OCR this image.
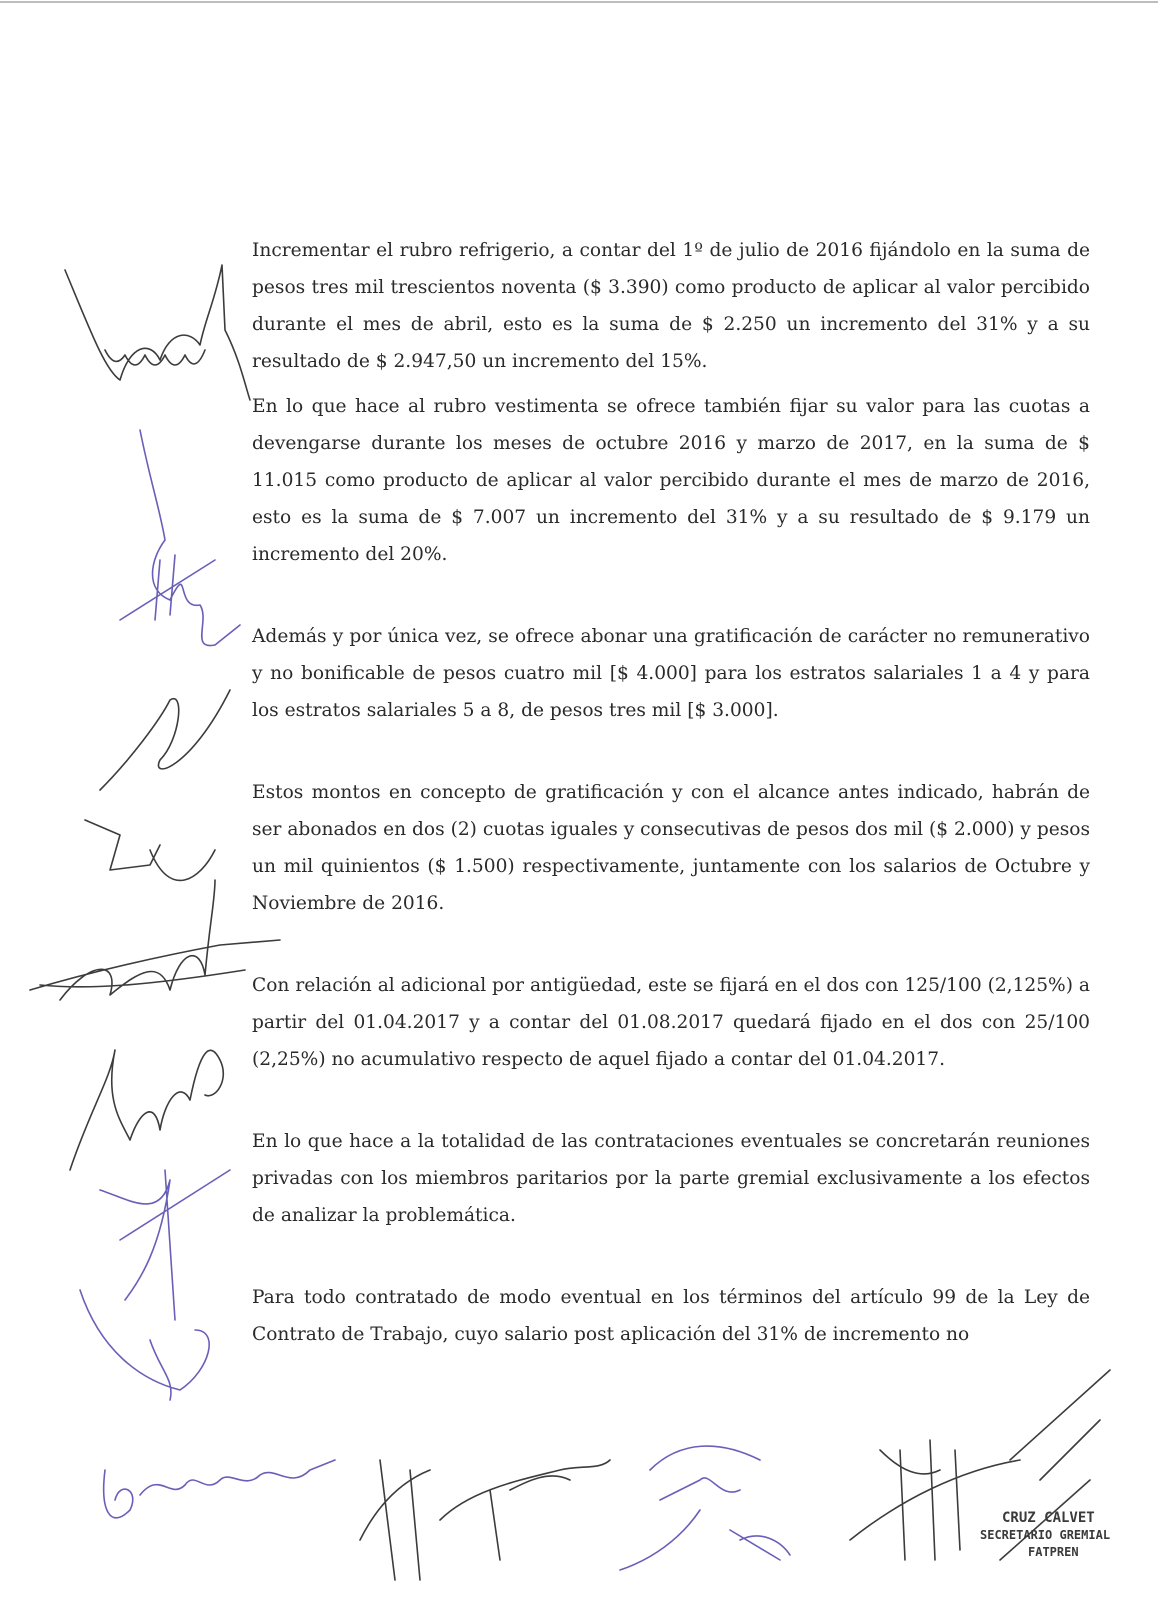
Incrementar el rubro refrigerio, a contar del 1º de julio de 2016 fijándolo en la suma de pesos tres mil trescientos noventa ($ 3.390) como producto de aplicar al valor percibido durante el mes de abril, esto es la suma de $ 2.250 un incremento del 31% y a su resultado de $ 2.947,50 un incremento del 15%.

En lo que hace al rubro vestimenta se ofrece también fijar su valor para las cuotas a devengarse durante los meses de octubre 2016 y marzo de 2017, en la suma de $ 11.015 como producto de aplicar al valor percibido durante el mes de marzo de 2016, esto es la suma de $ 7.007 un incremento del 31% y a su resultado de $ 9.179 un incremento del 20%.

Además y por única vez, se ofrece abonar una gratificación de carácter no remunerativo y no bonificable de pesos cuatro mil [$ 4.000] para los estratos salariales 1 a 4 y para los estratos salariales 5 a 8, de pesos tres mil [$ 3.000].

Estos montos en concepto de gratificación y con el alcance antes indicado, habrán de ser abonados en dos (2) cuotas iguales y consecutivas de pesos dos mil ($ 2.000) y pesos un mil quinientos ($ 1.500) respectivamente, juntamente con los salarios de Octubre y Noviembre de 2016.

Con relación al adicional por antigüedad, este se fijará en el dos con 125/100 (2,125%) a partir del 01.04.2017 y a contar del 01.08.2017 quedará fijado en el dos con 25/100 (2,25%) no acumulativo respecto de aquel fijado a contar del 01.04.2017.

En lo que hace a la totalidad de las contrataciones eventuales se concretarán reuniones privadas con los miembros paritarios por la parte gremial exclusivamente a los efectos de analizar la problemática.

Para todo contratado de modo eventual en los términos del artículo 99 de la Ley de Contrato de Trabajo, cuyo salario post aplicación del 31% de incremento no

CRUZ CALVET
SECRETARIO GREMIAL
FATPREN
